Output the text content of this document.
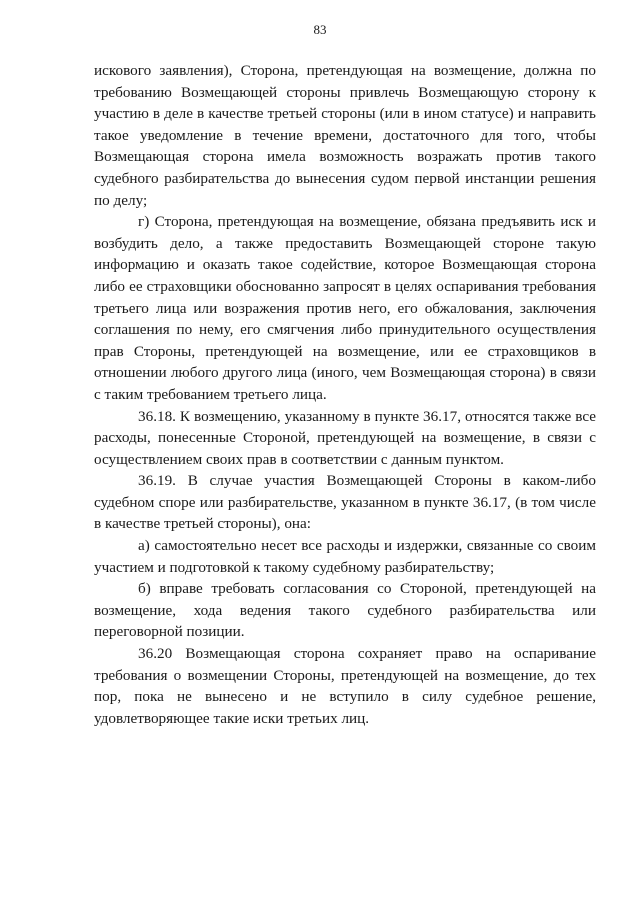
83

искового заявления), Сторона, претендующая на возмещение, должна по требованию Возмещающей стороны привлечь Возмещающую сторону к участию в деле в качестве третьей стороны (или в ином статусе) и направить такое уведомление в течение времени, достаточного для того, чтобы Возмещающая сторона имела возможность возражать против такого судебного разбирательства до вынесения судом первой инстанции решения по делу;

г) Сторона, претендующая на возмещение, обязана предъявить иск и возбудить дело, а также предоставить Возмещающей стороне такую информацию и оказать такое содействие, которое Возмещающая сторона либо ее страховщики обоснованно запросят в целях оспаривания требования третьего лица или возражения против него, его обжалования, заключения соглашения по нему, его смягчения либо принудительного осуществления прав Стороны, претендующей на возмещение, или ее страховщиков в отношении любого другого лица (иного, чем Возмещающая сторона) в связи с таким требованием третьего лица.

36.18. К возмещению, указанному в пункте 36.17, относятся также все расходы, понесенные Стороной, претендующей на возмещение, в связи с осуществлением своих прав в соответствии с данным пунктом.

36.19. В случае участия Возмещающей Стороны в каком-либо судебном споре или разбирательстве, указанном в пункте 36.17, (в том числе в качестве третьей стороны), она:

а) самостоятельно несет все расходы и издержки, связанные со своим участием и подготовкой к такому судебному разбирательству;

б) вправе требовать согласования со Стороной, претендующей на возмещение, хода ведения такого судебного разбирательства или переговорной позиции.

36.20 Возмещающая сторона сохраняет право на оспаривание требования о возмещении Стороны, претендующей на возмещение, до тех пор, пока не вынесено и не вступило в силу судебное решение, удовлетворяющее такие иски третьих лиц.
